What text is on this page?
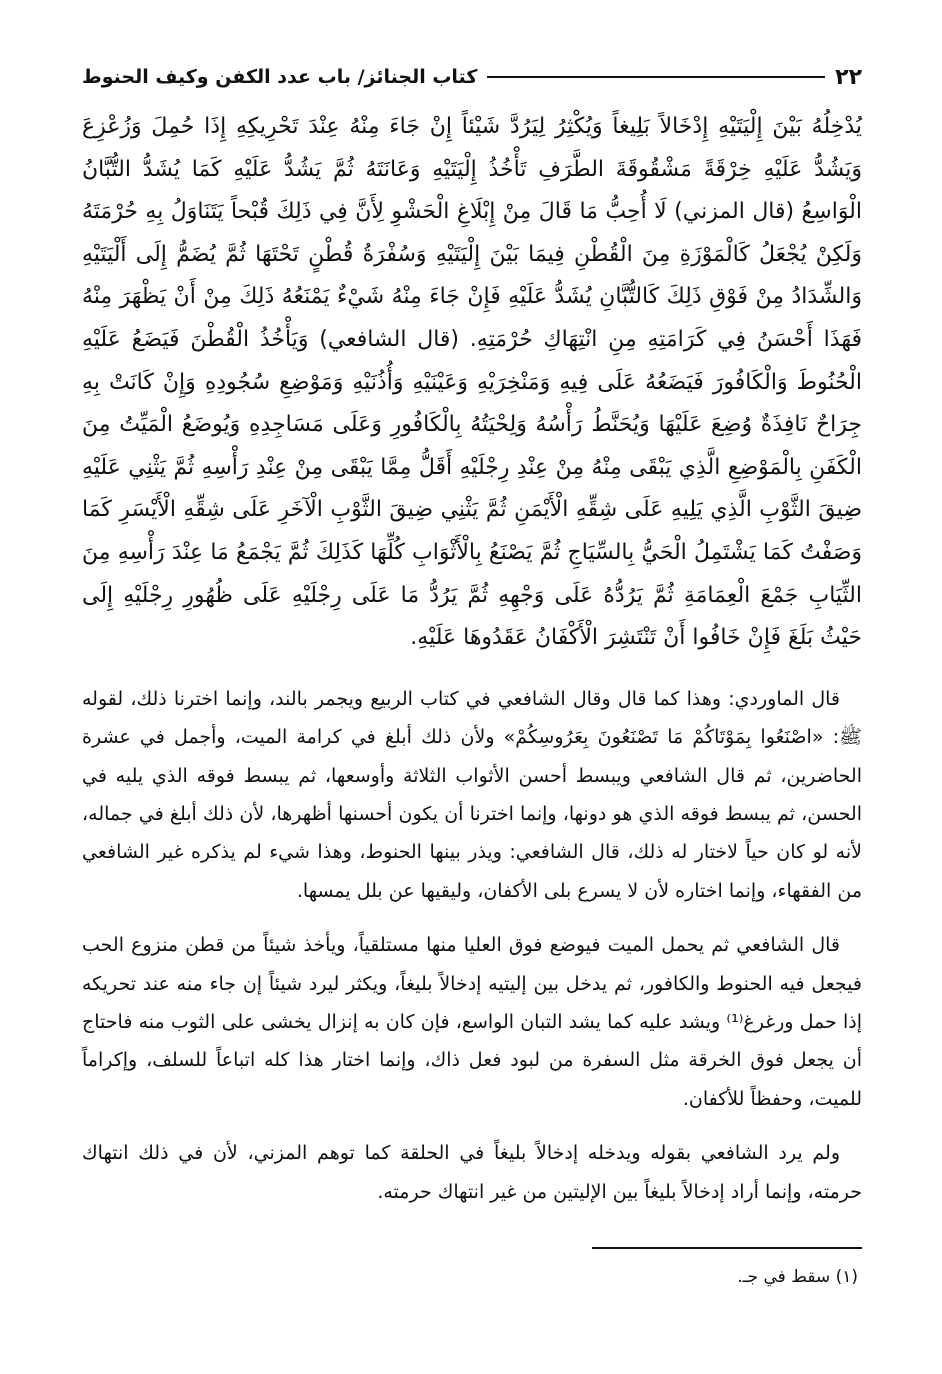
٢٢
كتاب الجنائز/ باب عدد الكفن وكيف الحنوط

يُدْخِلُهُ بَيْنَ إِلْيَتَيْهِ إِدْخَالاً بَلِيغاً وَيُكْثِرُ لِيَرُدَّ شَيْئاً إِنْ جَاءَ مِنْهُ عِنْدَ تَحْرِيكِهِ إِذَا حُمِلَ وَزُعْزِعَ وَيَشُدُّ عَلَيْهِ خِرْقَةً مَشْقُوقَةَ الطَّرَفِ تَأْخُذُ إِلْيَتَيْهِ وَعَانَتَهُ ثُمَّ يَشُدُّ عَلَيْهِ كَمَا يُشَدُّ التُّبَّانُ الْوَاسِعُ (قال المزني) لَا أُحِبُّ مَا قَالَ مِنْ إِبْلَاغِ الْحَشْوِ لِأَنَّ فِي ذَلِكَ قُبْحاً يَتَنَاوَلُ بِهِ حُرْمَتَهُ وَلَكِنْ يُجْعَلُ كَالْمَوْزَةِ مِنَ الْقُطْنِ فِيمَا بَيْنَ إِلْيَتَيْهِ وَسُفْرَةُ قُطْنٍ تَحْتَهَا ثُمَّ يُضَمُّ إِلَى أَلْيَتَيْهِ وَالشِّدَادُ مِنْ فَوْقِ ذَلِكَ كَالتُّبَّانِ يُشَدُّ عَلَيْهِ فَإِنْ جَاءَ مِنْهُ شَيْءٌ يَمْنَعُهُ ذَلِكَ مِنْ أَنْ يَظْهَرَ مِنْهُ فَهَذَا أَحْسَنُ فِي كَرَامَتِهِ مِنِ انْتِهَاكِ حُرْمَتِهِ. (قال الشافعي) وَيَأْخُذُ الْقُطْنَ فَيَضَعُ عَلَيْهِ الْحُنُوطَ وَالْكَافُورَ فَيَضَعُهُ عَلَى فِيهِ وَمَنْخِرَيْهِ وَعَيْنَيْهِ وَأُذُنَيْهِ وَمَوْضِعِ سُجُودِهِ وَإِنْ كَانَتْ بِهِ جِرَاحٌ نَافِذَةٌ وُضِعَ عَلَيْهَا وَيُحَنَّطُ رَأْسُهُ وَلِحْيَتُهُ بِالْكَافُورِ وَعَلَى مَسَاجِدِهِ وَيُوضَعُ الْمَيِّتُ مِنَ الْكَفَنِ بِالْمَوْضِعِ الَّذِي يَبْقَى مِنْهُ مِنْ عِنْدِ رِجْلَيْهِ أَقَلُّ مِمَّا يَبْقَى مِنْ عِنْدِ رَأْسِهِ ثُمَّ يَثْنِي عَلَيْهِ ضِيقَ الثَّوْبِ الَّذِي يَلِيهِ عَلَى شِقِّهِ الْأَيْمَنِ ثُمَّ يَثْنِي ضِيقَ الثَّوْبِ الْآخَرِ عَلَى شِقِّهِ الْأَيْسَرِ كَمَا وَصَفْتُ كَمَا يَشْتَمِلُ الْحَيُّ بِالسِّيَاجِ ثُمَّ يَصْنَعُ بِالْأَثْوَابِ كُلِّهَا كَذَلِكَ ثُمَّ يَجْمَعُ مَا عِنْدَ رَأْسِهِ مِنَ الثِّيَابِ جَمْعَ الْعِمَامَةِ ثُمَّ يَرُدُّهُ عَلَى وَجْهِهِ ثُمَّ يَرُدُّ مَا عَلَى رِجْلَيْهِ عَلَى ظُهُورِ رِجْلَيْهِ إِلَى حَيْثُ بَلَغَ فَإِنْ خَافُوا أَنْ تَنْتَشِرَ الْأَكْفَانُ عَقَدُوهَا عَلَيْهِ.

قال الماوردي: وهذا كما قال وقال الشافعي في كتاب الربيع ويجمر بالند، وإنما اخترنا ذلك، لقوله ﷺ: «اصْنَعُوا بِمَوْتَاكُمْ مَا تَصْنَعُونَ بِعَرُوسِكُمْ» ولأن ذلك أبلغ في كرامة الميت، وأجمل في عشرة الحاضرين، ثم قال الشافعي ويبسط أحسن الأثواب الثلاثة وأوسعها، ثم يبسط فوقه الذي يليه في الحسن، ثم يبسط فوقه الذي هو دونها، وإنما اخترنا أن يكون أحسنها أظهرها، لأن ذلك أبلغ في جماله، لأنه لو كان حياً لاختار له ذلك، قال الشافعي: ويذر بينها الحنوط، وهذا شيء لم يذكره غير الشافعي من الفقهاء، وإنما اختاره لأن لا يسرع بلى الأكفان، وليقيها عن بلل يمسها.

قال الشافعي ثم يحمل الميت فيوضع فوق العليا منها مستلقياً، ويأخذ شيئاً من قطن منزوع الحب فيجعل فيه الحنوط والكافور، ثم يدخل بين إليتيه إدخالاً بليغاً، ويكثر ليرد شيئاً إن جاء منه عند تحريكه إذا حمل ورغرغ⁽¹⁾ ويشد عليه كما يشد التبان الواسع، فإن كان به إنزال يخشى على الثوب منه فاحتاج أن يجعل فوق الخرقة مثل السفرة من لبود فعل ذاك، وإنما اختار هذا كله اتباعاً للسلف، وإكراماً للميت، وحفظاً للأكفان.

ولم يرد الشافعي بقوله ويدخله إدخالاً بليغاً في الحلقة كما توهم المزني، لأن في ذلك انتهاك حرمته، وإنما أراد إدخالاً بليغاً بين الإليتين من غير انتهاك حرمته.

(١) سقط في جـ.
